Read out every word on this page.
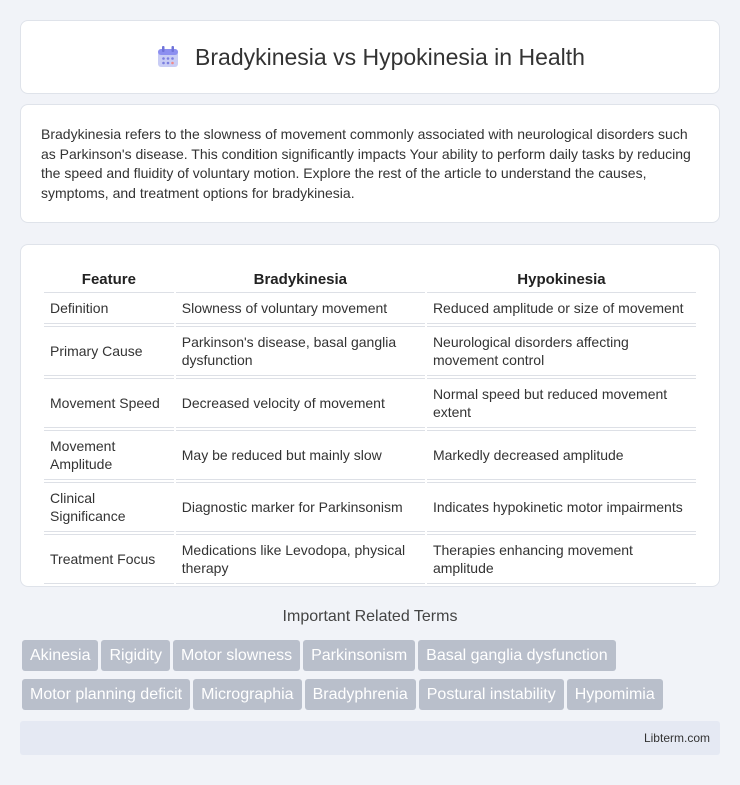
Bradykinesia vs Hypokinesia in Health

Bradykinesia refers to the slowness of movement commonly associated with neurological disorders such as Parkinson's disease. This condition significantly impacts Your ability to perform daily tasks by reducing the speed and fluidity of voluntary motion. Explore the rest of the article to understand the causes, symptoms, and treatment options for bradykinesia.

Feature	Bradykinesia	Hypokinesia
Definition	Slowness of voluntary movement	Reduced amplitude or size of movement
Primary Cause	Parkinson's disease, basal ganglia dysfunction	Neurological disorders affecting movement control
Movement Speed	Decreased velocity of movement	Normal speed but reduced movement extent
Movement Amplitude	May be reduced but mainly slow	Markedly decreased amplitude
Clinical Significance	Diagnostic marker for Parkinsonism	Indicates hypokinetic motor impairments
Treatment Focus	Medications like Levodopa, physical therapy	Therapies enhancing movement amplitude
Important Related Terms
Akinesia Rigidity Motor slowness Parkinsonism Basal ganglia dysfunction
Motor planning deficit Micrographia Bradyphrenia Postural instability Hypomimia
Libterm.com
